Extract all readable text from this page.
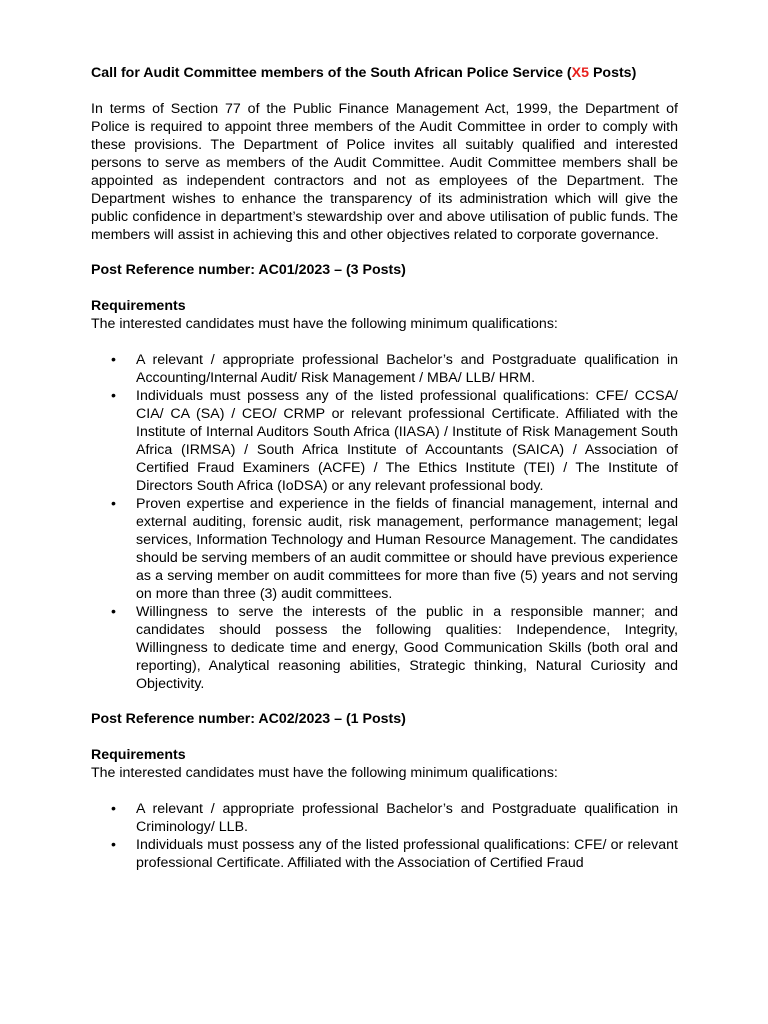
Call for Audit Committee members of the South African Police Service (X5 Posts)

In terms of Section 77 of the Public Finance Management Act, 1999, the Department of Police is required to appoint three members of the Audit Committee in order to comply with these provisions. The Department of Police invites all suitably qualified and interested persons to serve as members of the Audit Committee. Audit Committee members shall be appointed as independent contractors and not as employees of the Department. The Department wishes to enhance the transparency of its administration which will give the public confidence in department’s stewardship over and above utilisation of public funds. The members will assist in achieving this and other objectives related to corporate governance.

Post Reference number: AC01/2023 – (3 Posts)

Requirements

The interested candidates must have the following minimum qualifications:

• A relevant / appropriate professional Bachelor’s and Postgraduate qualification in Accounting/Internal Audit/ Risk Management / MBA/ LLB/ HRM.
• Individuals must possess any of the listed professional qualifications: CFE/ CCSA/ CIA/ CA (SA) / CEO/ CRMP or relevant professional Certificate. Affiliated with the Institute of Internal Auditors South Africa (IIASA) / Institute of Risk Management South Africa (IRMSA) / South Africa Institute of Accountants (SAICA) / Association of Certified Fraud Examiners (ACFE) / The Ethics Institute (TEI) / The Institute of Directors South Africa (IoDSA) or any relevant professional body.
• Proven expertise and experience in the fields of financial management, internal and external auditing, forensic audit, risk management, performance management; legal services, Information Technology and Human Resource Management. The candidates should be serving members of an audit committee or should have previous experience as a serving member on audit committees for more than five (5) years and not serving on more than three (3) audit committees.
• Willingness to serve the interests of the public in a responsible manner; and candidates should possess the following qualities: Independence, Integrity, Willingness to dedicate time and energy, Good Communication Skills (both oral and reporting), Analytical reasoning abilities, Strategic thinking, Natural Curiosity and Objectivity.

Post Reference number: AC02/2023 – (1 Posts)

Requirements

The interested candidates must have the following minimum qualifications:

• A relevant / appropriate professional Bachelor’s and Postgraduate qualification in Criminology/ LLB.
• Individuals must possess any of the listed professional qualifications: CFE/ or relevant professional Certificate. Affiliated with the Association of Certified Fraud
